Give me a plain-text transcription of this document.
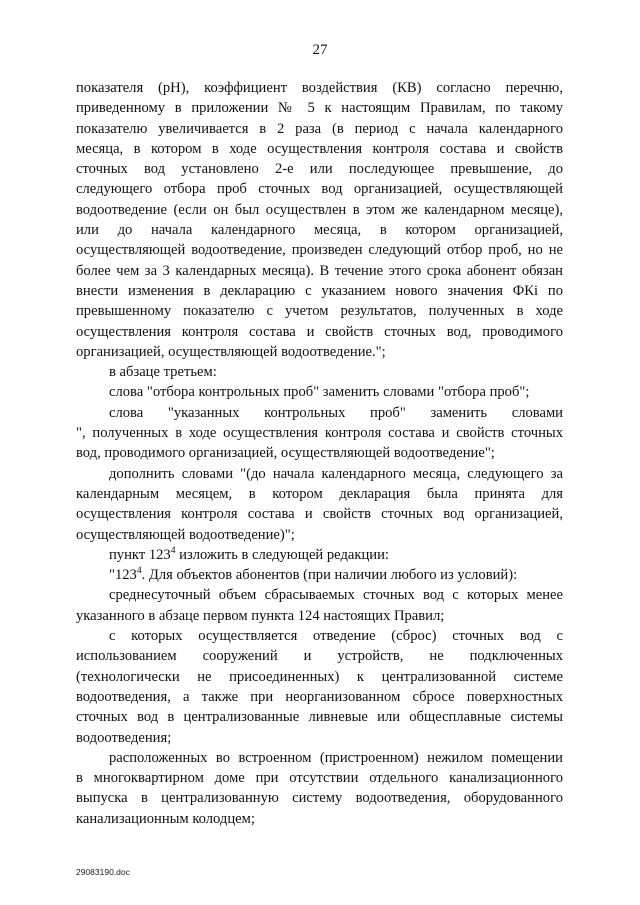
27
показателя (рН), коэффициент воздействия (КВ) согласно перечню,
приведенному в приложении № 5 к настоящим Правилам, по такому
показателю увеличивается в 2 раза (в период с начала календарного
месяца, в котором в ходе осуществления контроля состава и свойств
сточных вод установлено 2-е или последующее превышение, до
следующего отбора проб сточных вод организацией, осуществляющей
водоотведение (если он был осуществлен в этом же календарном месяце),
или до начала календарного месяца, в котором организацией,
осуществляющей водоотведение, произведен следующий отбор проб, но не
более чем за 3 календарных месяца). В течение этого срока абонент обязан
внести изменения в декларацию с указанием нового значения ФКi по
превышенному показателю с учетом результатов, полученных в ходе
осуществления контроля состава и свойств сточных вод, проводимого
организацией, осуществляющей водоотведение.";
в абзаце третьем:
слова "отбора контрольных проб" заменить словами "отбора проб";
слова "указанных контрольных проб" заменить словами
", полученных в ходе осуществления контроля состава и свойств сточных
вод, проводимого организацией, осуществляющей водоотведение";
дополнить словами "(до начала календарного месяца, следующего за
календарным месяцем, в котором декларация была принята для
осуществления контроля состава и свойств сточных вод организацией,
осуществляющей водоотведение)";
пункт $123^4$ изложить в следующей редакции:
"$123^4$. Для объектов абонентов (при наличии любого из условий):
среднесуточный объем сбрасываемых сточных вод с которых менее
указанного в абзаце первом пункта 124 настоящих Правил;
с которых осуществляется отведение (сброс) сточных вод с
использованием сооружений и устройств, не подключенных
(технологически не присоединенных) к централизованной системе
водоотведения, а также при неорганизованном сбросе поверхностных
сточных вод в централизованные ливневые или общесплавные системы
водоотведения;
расположенных во встроенном (пристроенном) нежилом помещении
в многоквартирном доме при отсутствии отдельного канализационного
выпуска в централизованную систему водоотведения, оборудованного
канализационным колодцем;
29083190.doc
